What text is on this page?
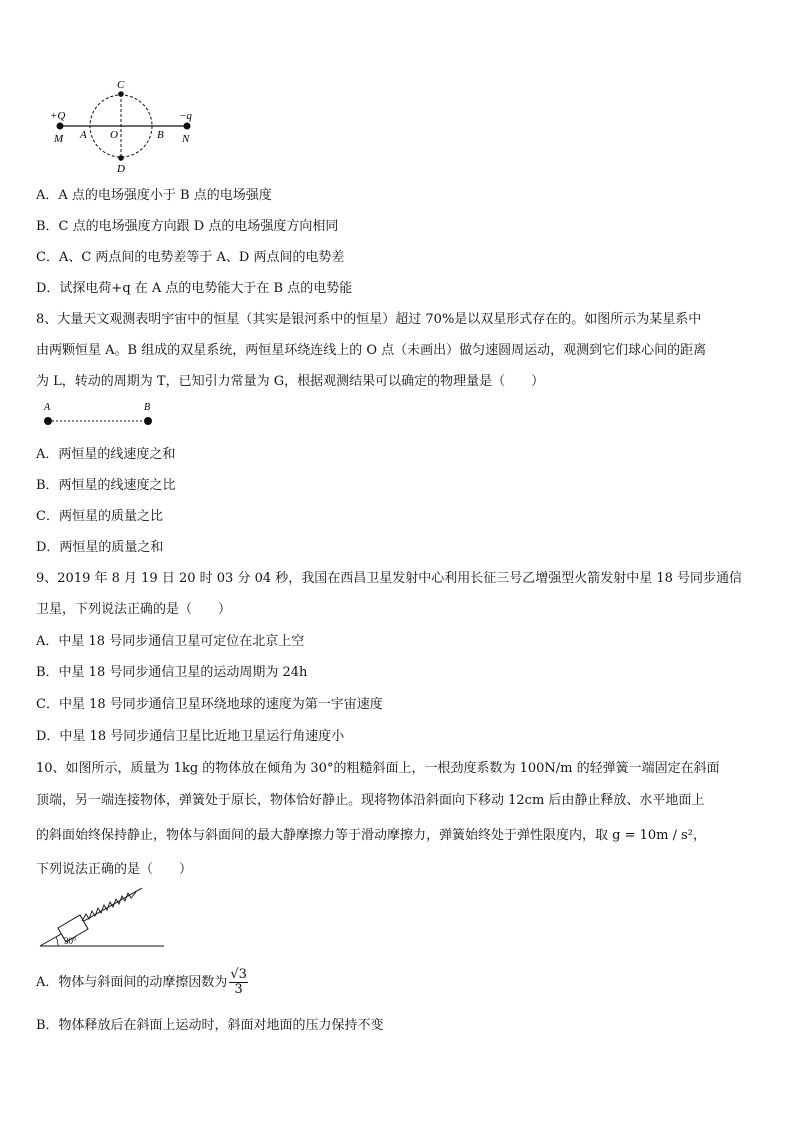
C
D
O
A	B
+Q
M
−q
N
A．A 点的电场强度小于 B 点的电场强度
B．C 点的电场强度方向跟 D 点的电场强度方向相同
C．A、C 两点间的电势差等于 A、D 两点间的电势差
D．试探电荷+q 在 A 点的电势能大于在 B 点的电势能
8、大量天文观测表明宇宙中的恒星（其实是银河系中的恒星）超过 70%是以双星形式存在的。如图所示为某星系中
由两颗恒星 A。B 组成的双星系统，两恒星环绕连线上的 O 点（未画出）做匀速圆周运动，观测到它们球心间的距离
为 L，转动的周期为 T，已知引力常量为 G，根据观测结果可以确定的物理量是（　　）
A	B
A．两恒星的线速度之和
B．两恒星的线速度之比
C．两恒星的质量之比
D．两恒星的质量之和
9、2019 年 8 月 19 日 20 时 03 分 04 秒，我国在西昌卫星发射中心利用长征三号乙增强型火箭发射中星 18 号同步通信
卫星，下列说法正确的是（　　）
A．中星 18 号同步通信卫星可定位在北京上空
B．中星 18 号同步通信卫星的运动周期为 24h
C．中星 18 号同步通信卫星环绕地球的速度为第一宇宙速度
D．中星 18 号同步通信卫星比近地卫星运行角速度小
10、如图所示，质量为 1kg 的物体放在倾角为 30°的粗糙斜面上，一根劲度系数为 100N/m 的轻弹簧一端固定在斜面
顶端，另一端连接物体，弹簧处于原长，物体恰好静止。现将物体沿斜面向下移动 12cm 后由静止释放、水平地面上
的斜面始终保持静止，物体与斜面间的最大静摩擦力等于滑动摩擦力，弹簧始终处于弹性限度内，取 g = 10m / s²，
下列说法正确的是（　　）
30°
A．物体与斜面间的动摩擦因数为 $\frac{√3}{3}$
B．物体释放后在斜面上运动时，斜面对地面的压力保持不变
